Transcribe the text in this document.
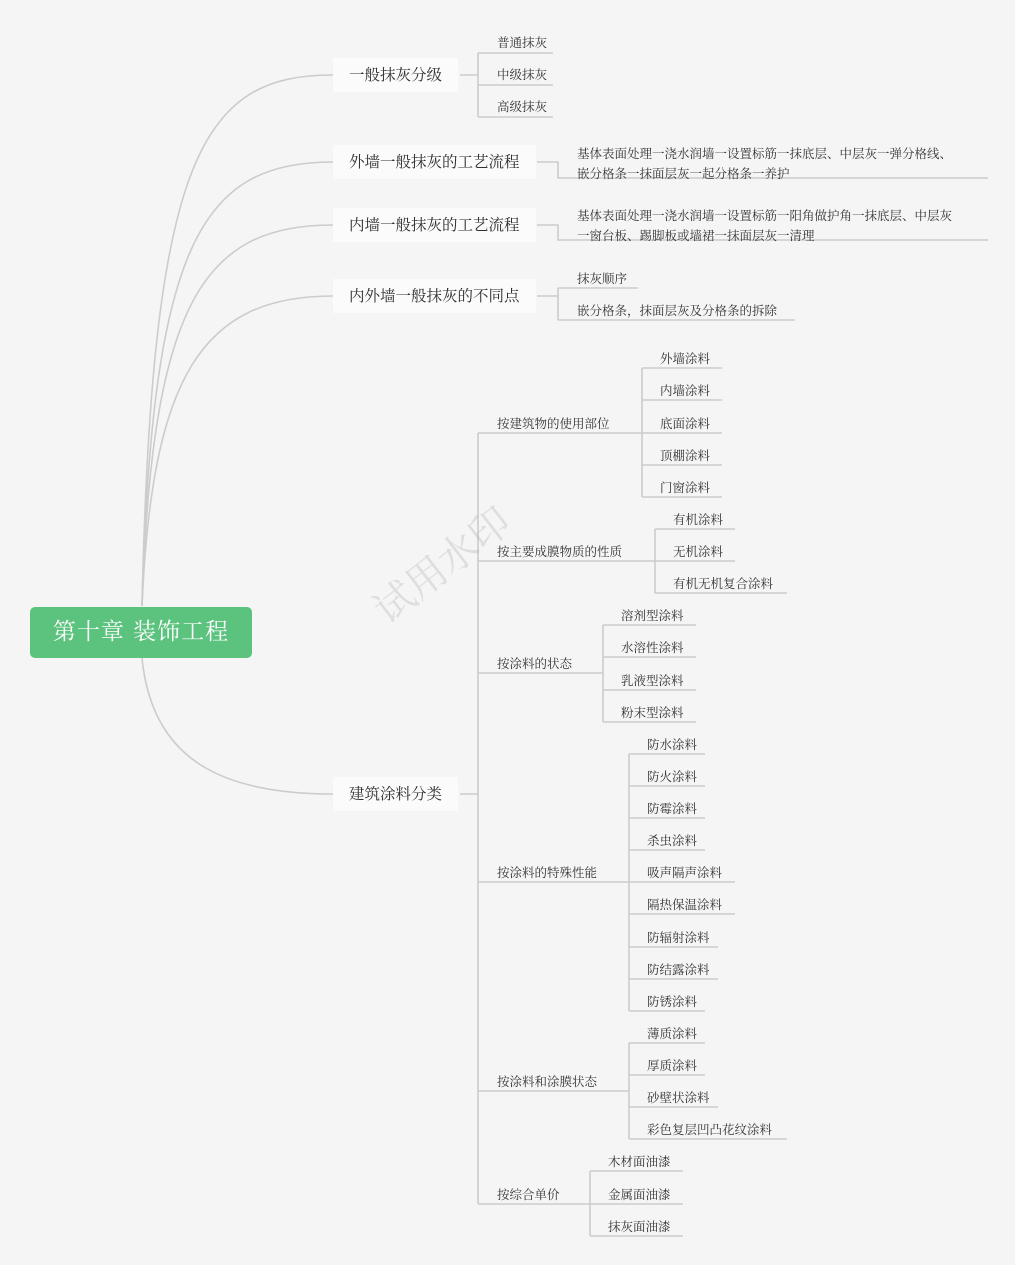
试用水印
第十章 装饰工程
一般抹灰分级
外墙一般抹灰的工艺流程
内墙一般抹灰的工艺流程
内外墙一般抹灰的不同点
建筑涂料分类
普通抹灰
中级抹灰
高级抹灰
基体表面处理一浇水润墙一设置标筋一抹底层、中层灰一弹分格线、
嵌分格条一抹面层灰一起分格条一养护
基体表面处理一浇水润墙一设置标筋一阳角做护角一抹底层、中层灰
一窗台板、踢脚板或墙裙一抹面层灰一清理
抹灰顺序
嵌分格条，抹面层灰及分格条的拆除
按建筑物的使用部位
按主要成膜物质的性质
按涂料的状态
按涂料的特殊性能
按涂料和涂膜状态
按综合单价
外墙涂料
内墙涂料
底面涂料
顶棚涂料
门窗涂料
有机涂料
无机涂料
有机无机复合涂料
溶剂型涂料
水溶性涂料
乳液型涂料
粉末型涂料
防水涂料
防火涂料
防霉涂料
杀虫涂料
吸声隔声涂料
隔热保温涂料
防辐射涂料
防结露涂料
防锈涂料
薄质涂料
厚质涂料
砂壁状涂料
彩色复层凹凸花纹涂料
木材面油漆
金属面油漆
抹灰面油漆
